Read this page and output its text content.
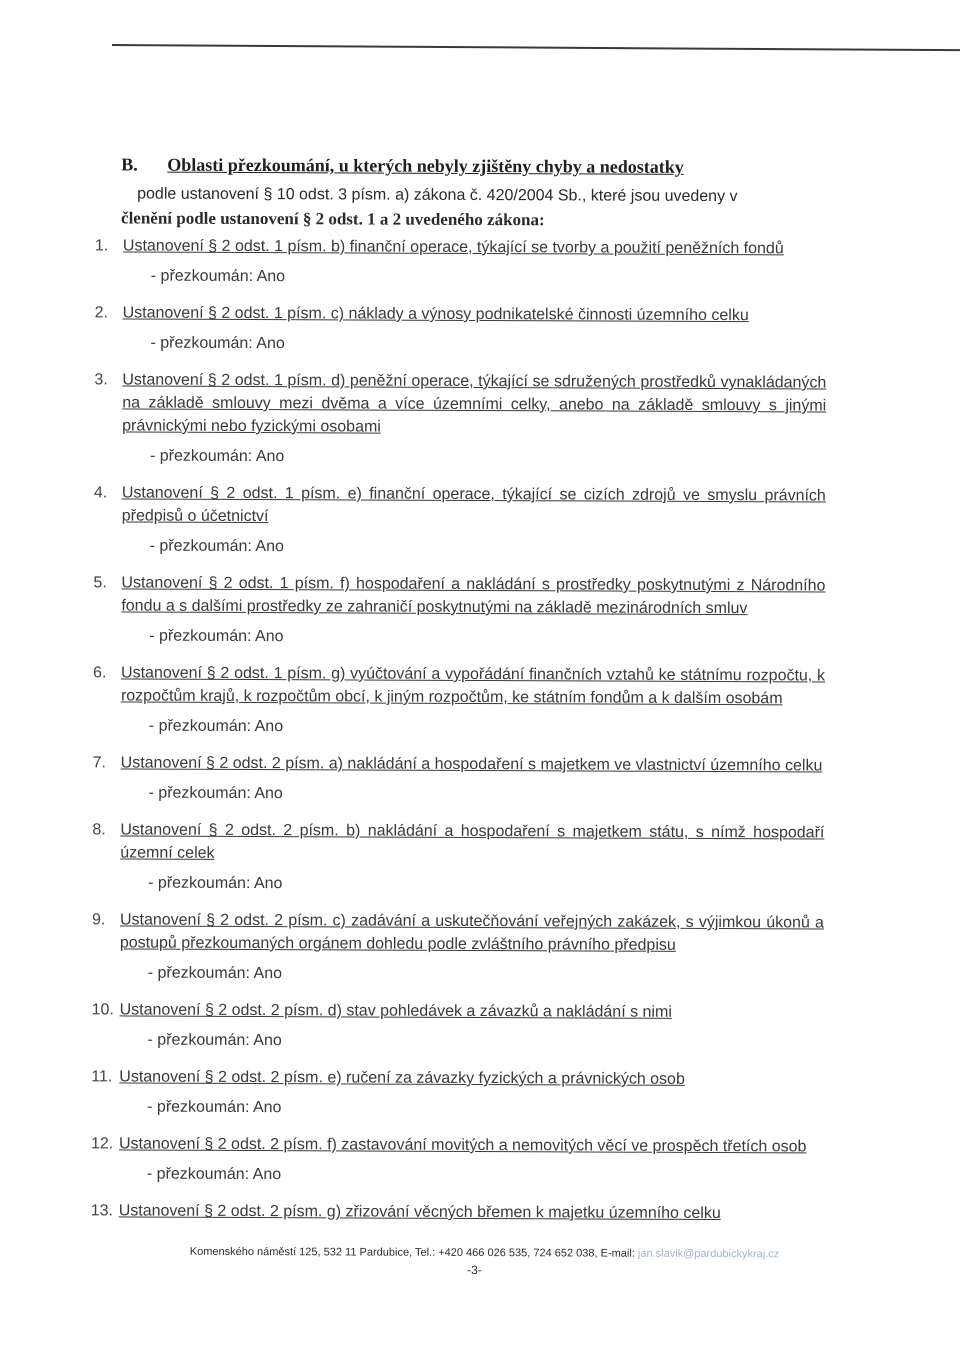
B. Oblasti přezkoumání, u kterých nebyly zjištěny chyby a nedostatky
podle ustanovení § 10 odst. 3 písm. a) zákona č. 420/2004 Sb., které jsou uvedeny v
členění podle ustanovení § 2 odst. 1 a 2 uvedeného zákona:
1. Ustanovení § 2 odst. 1 písm. b) finanční operace, týkající se tvorby a použití peněžních fondů
- přezkoumán: Ano
2. Ustanovení § 2 odst. 1 písm. c) náklady a výnosy podnikatelské činnosti územního celku
- přezkoumán: Ano
3. Ustanovení § 2 odst. 1 písm. d) peněžní operace, týkající se sdružených prostředků vynakládaných na základě smlouvy mezi dvěma a více územními celky, anebo na základě smlouvy s jinými právnickými nebo fyzickými osobami
- přezkoumán: Ano
4. Ustanovení § 2 odst. 1 písm. e) finanční operace, týkající se cizích zdrojů ve smyslu právních předpisů o účetnictví
- přezkoumán: Ano
5. Ustanovení § 2 odst. 1 písm. f) hospodaření a nakládání s prostředky poskytnutými z Národního fondu a s dalšími prostředky ze zahraničí poskytnutými na základě mezinárodních smluv
- přezkoumán: Ano
6. Ustanovení § 2 odst. 1 písm. g) vyúčtování a vypořádání finančních vztahů ke státnímu rozpočtu, k rozpočtům krajů, k rozpočtům obcí, k jiným rozpočtům, ke státním fondům a k dalším osobám
- přezkoumán: Ano
7. Ustanovení § 2 odst. 2 písm. a) nakládání a hospodaření s majetkem ve vlastnictví územního celku
- přezkoumán: Ano
8. Ustanovení § 2 odst. 2 písm. b) nakládání a hospodaření s majetkem státu, s nímž hospodaří územní celek
- přezkoumán: Ano
9. Ustanovení § 2 odst. 2 písm. c) zadávání a uskutečňování veřejných zakázek, s výjimkou úkonů a postupů přezkoumaných orgánem dohledu podle zvláštního právního předpisu
- přezkoumán: Ano
10. Ustanovení § 2 odst. 2 písm. d) stav pohledávek a závazků a nakládání s nimi
- přezkoumán: Ano
11. Ustanovení § 2 odst. 2 písm. e) ručení za závazky fyzických a právnických osob
- přezkoumán: Ano
12. Ustanovení § 2 odst. 2 písm. f) zastavování movitých a nemovitých věcí ve prospěch třetích osob
- přezkoumán: Ano
13. Ustanovení § 2 odst. 2 písm. g) zřizování věcných břemen k majetku územního celku
Komenského náměstí 125, 532 11 Pardubice, Tel.: +420 466 026 535, 724 652 038, E-mail: jan.slavik@pardubickykraj.cz
-3-
